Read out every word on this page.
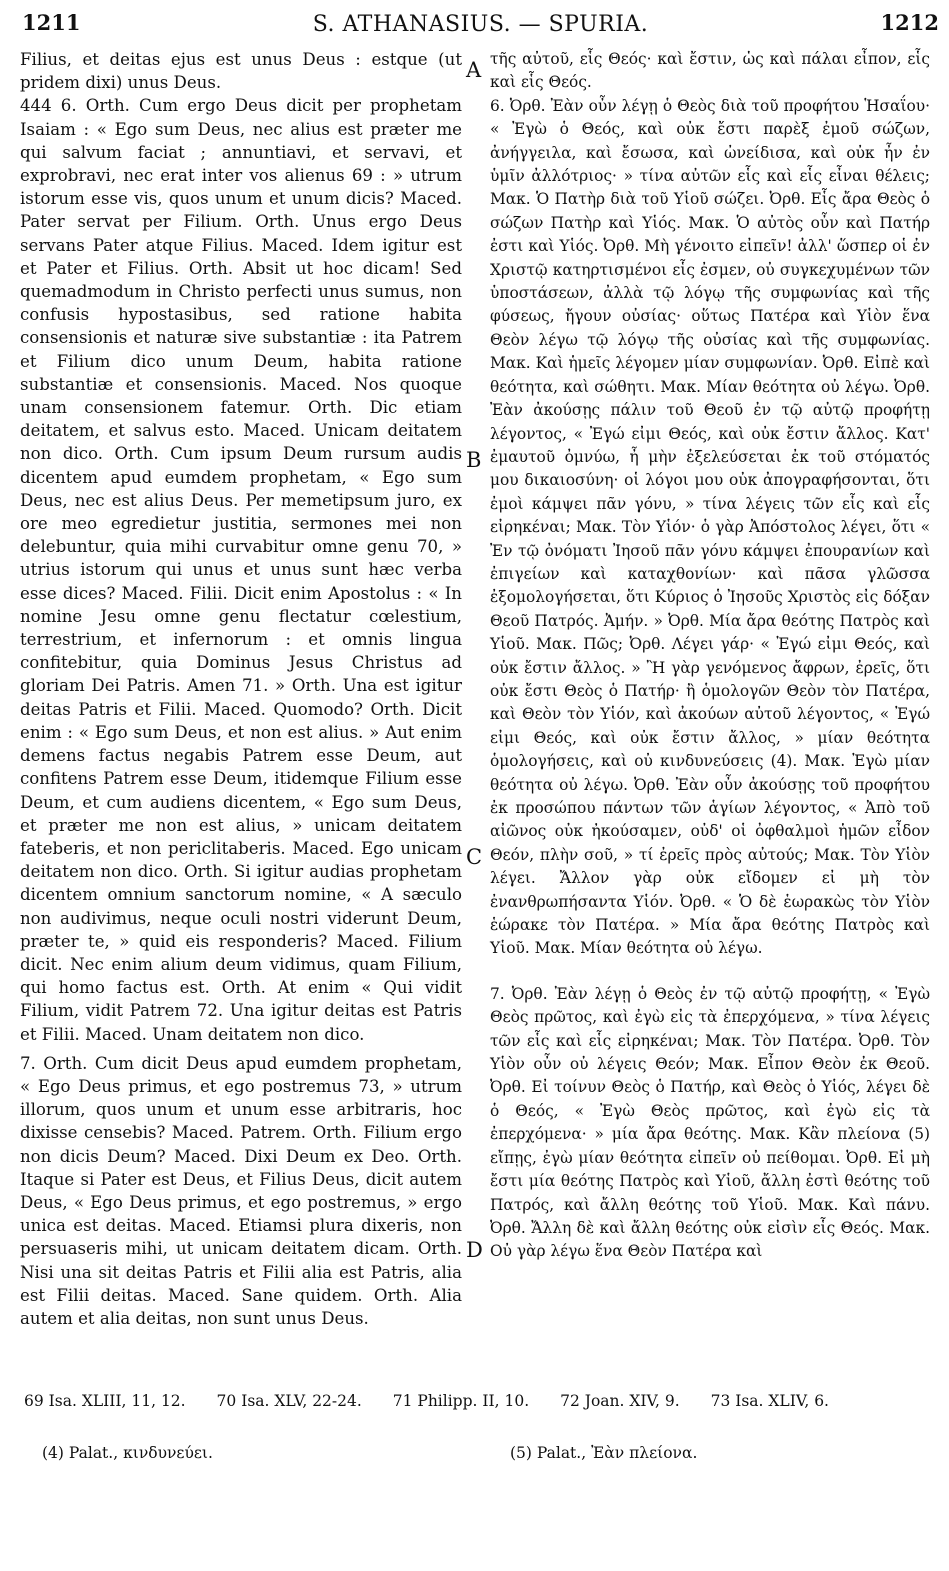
1211	S. ATHANASIUS. — SPURIA.	1212

Filius, et deitas ejus est unus Deus : estque (ut pridem dixi) unus Deus.

444 6. Orth. Cum ergo Deus dicit per prophetam Isaiam : « Ego sum Deus, nec alius est præter me qui salvum faciat ; annuntiavi, et servavi, et exprobravi, nec erat inter vos alienus 69 : » utrum istorum esse vis, quos unum et unum dicis? Maced. Pater servat per Filium. Orth. Unus ergo Deus servans Pater atque Filius. Maced. Idem igitur est et Pater et Filius. Orth. Absit ut hoc dicam! Sed quemadmodum in Christo perfecti unus sumus, non confusis hypostasibus, sed ratione habita consensionis et naturæ sive substantiæ : ita Patrem et Filium dico unum Deum, habita ratione substantiæ et consensionis. Maced. Nos quoque unam consensionem fatemur. Orth. Dic etiam deitatem, et salvus esto. Maced. Unicam deitatem non dico. Orth. Cum ipsum Deum rursum audis dicentem apud eumdem prophetam, « Ego sum Deus, nec est alius Deus. Per memetipsum juro, ex ore meo egredietur justitia, sermones mei non delebuntur, quia mihi curvabitur omne genu 70, » utrius istorum qui unus et unus sunt hæc verba esse dices? Maced. Filii. Dicit enim Apostolus : « In nomine Jesu omne genu flectatur cœlestium, terrestrium, et infernorum : et omnis lingua confitebitur, quia Dominus Jesus Christus ad gloriam Dei Patris. Amen 71. » Orth. Una est igitur deitas Patris et Filii. Maced. Quomodo? Orth. Dicit enim : « Ego sum Deus, et non est alius. » Aut enim demens factus negabis Patrem esse Deum, aut confitens Patrem esse Deum, itidemque Filium esse Deum, et cum audiens dicentem, « Ego sum Deus, et præter me non est alius, » unicam deitatem fateberis, et non periclitaberis. Maced. Ego unicam deitatem non dico. Orth. Si igitur audias prophetam dicentem omnium sanctorum nomine, « A sæculo non audivimus, neque oculi nostri viderunt Deum, præter te, » quid eis responderis? Maced. Filium dicit. Nec enim alium deum vidimus, quam Filium, qui homo factus est. Orth. At enim « Qui vidit Filium, vidit Patrem 72. Una igitur deitas est Patris et Filii. Maced. Unam deitatem non dico.

7. Orth. Cum dicit Deus apud eumdem prophetam, « Ego Deus primus, et ego postremus 73, » utrum illorum, quos unum et unum esse arbitraris, hoc dixisse censebis? Maced. Patrem. Orth. Filium ergo non dicis Deum? Maced. Dixi Deum ex Deo. Orth. Itaque si Pater est Deus, et Filius Deus, dicit autem Deus, « Ego Deus primus, et ego postremus, » ergo unica est deitas. Maced. Etiamsi plura dixeris, non persuaseris mihi, ut unicam deitatem dicam. Orth. Nisi una sit deitas Patris et Filii alia est Patris, alia est Filii deitas. Maced. Sane quidem. Orth. Alia autem et alia deitas, non sunt unus Deus.

A
B
C
D

τῆς αὐτοῦ, εἷς Θεός· καὶ ἔστιν, ὡς καὶ πάλαι εἶπον, εἷς καὶ εἷς Θεός.

6. Ὀρθ. Ἐὰν οὖν λέγῃ ὁ Θεὸς διὰ τοῦ προφήτου Ἡσαΐου· « Ἐγὼ ὁ Θεός, καὶ οὐκ ἔστι παρὲξ ἐμοῦ σώζων, ἀνήγγειλα, καὶ ἔσωσα, καὶ ὠνείδισα, καὶ οὐκ ἦν ἐν ὑμῖν ἀλλότριος· » τίνα αὐτῶν εἷς καὶ εἷς εἶναι θέλεις; Μακ. Ὁ Πατὴρ διὰ τοῦ Υἱοῦ σώζει. Ὀρθ. Εἷς ἄρα Θεὸς ὁ σώζων Πατὴρ καὶ Υἱός. Μακ. Ὁ αὐτὸς οὖν καὶ Πατήρ ἐστι καὶ Υἱός. Ὀρθ. Μὴ γένοιτο εἰπεῖν! ἀλλ' ὥσπερ οἱ ἐν Χριστῷ κατηρτισμένοι εἷς ἐσμεν, οὐ συγκεχυμένων τῶν ὑποστάσεων, ἀλλὰ τῷ λόγῳ τῆς συμφωνίας καὶ τῆς φύσεως, ἤγουν οὐσίας· οὕτως Πατέρα καὶ Υἱὸν ἕνα Θεὸν λέγω τῷ λόγῳ τῆς οὐσίας καὶ τῆς συμφωνίας. Μακ. Καὶ ἡμεῖς λέγομεν μίαν συμφωνίαν. Ὀρθ. Εἰπὲ καὶ θεότητα, καὶ σώθητι. Μακ. Μίαν θεότητα οὐ λέγω. Ὀρθ. Ἐὰν ἀκούσῃς πάλιν τοῦ Θεοῦ ἐν τῷ αὐτῷ προφήτῃ λέγοντος, « Ἐγώ εἰμι Θεός, καὶ οὐκ ἔστιν ἄλλος. Κατ' ἐμαυτοῦ ὀμνύω, ἦ μὴν ἐξελεύσεται ἐκ τοῦ στόματός μου δικαιοσύνη· οἱ λόγοι μου οὐκ ἀπογραφήσονται, ὅτι ἐμοὶ κάμψει πᾶν γόνυ, » τίνα λέγεις τῶν εἷς καὶ εἷς εἰρηκέναι; Μακ. Τὸν Υἱόν· ὁ γὰρ Ἀπόστολος λέγει, ὅτι « Ἐν τῷ ὀνόματι Ἰησοῦ πᾶν γόνυ κάμψει ἐπουρανίων καὶ ἐπιγείων καὶ καταχθονίων· καὶ πᾶσα γλῶσσα ἐξομολογήσεται, ὅτι Κύριος ὁ Ἰησοῦς Χριστὸς εἰς δόξαν Θεοῦ Πατρός. Ἀμήν. » Ὀρθ. Μία ἄρα θεότης Πατρὸς καὶ Υἱοῦ. Μακ. Πῶς; Ὀρθ. Λέγει γάρ· « Ἐγώ εἰμι Θεός, καὶ οὐκ ἔστιν ἄλλος. » Ἢ γὰρ γενόμενος ἄφρων, ἐρεῖς, ὅτι οὐκ ἔστι Θεὸς ὁ Πατήρ· ἢ ὁμολογῶν Θεὸν τὸν Πατέρα, καὶ Θεὸν τὸν Υἱόν, καὶ ἀκούων αὐτοῦ λέγοντος, « Ἐγώ εἰμι Θεός, καὶ οὐκ ἔστιν ἄλλος, » μίαν θεότητα ὁμολογήσεις, καὶ οὐ κινδυνεύσεις (4). Μακ. Ἐγὼ μίαν θεότητα οὐ λέγω. Ὀρθ. Ἐὰν οὖν ἀκούσῃς τοῦ προφήτου ἐκ προσώπου πάντων τῶν ἁγίων λέγοντος, « Ἀπὸ τοῦ αἰῶνος οὐκ ἠκούσαμεν, οὐδ' οἱ ὀφθαλμοὶ ἡμῶν εἶδον Θεόν, πλὴν σοῦ, » τί ἐρεῖς πρὸς αὐτούς; Μακ. Τὸν Υἱὸν λέγει. Ἄλλον γὰρ οὐκ εἴδομεν εἰ μὴ τὸν ἐνανθρωπήσαντα Υἱόν. Ὀρθ. « Ὁ δὲ ἑωρακὼς τὸν Υἱὸν ἑώρακε τὸν Πατέρα. » Μία ἄρα θεότης Πατρὸς καὶ Υἱοῦ. Μακ. Μίαν θεότητα οὐ λέγω.

7. Ὀρθ. Ἐὰν λέγῃ ὁ Θεὸς ἐν τῷ αὐτῷ προφήτῃ, « Ἐγὼ Θεὸς πρῶτος, καὶ ἐγὼ εἰς τὰ ἐπερχόμενα, » τίνα λέγεις τῶν εἷς καὶ εἷς εἰρηκέναι; Μακ. Τὸν Πατέρα. Ὀρθ. Τὸν Υἱὸν οὖν οὐ λέγεις Θεόν; Μακ. Εἶπον Θεὸν ἐκ Θεοῦ. Ὀρθ. Εἰ τοίνυν Θεὸς ὁ Πατήρ, καὶ Θεὸς ὁ Υἱός, λέγει δὲ ὁ Θεός, « Ἐγὼ Θεὸς πρῶτος, καὶ ἐγὼ εἰς τὰ ἐπερχόμενα· » μία ἄρα θεότης. Μακ. Κἂν πλείονα (5) εἴπῃς, ἐγὼ μίαν θεότητα εἰπεῖν οὐ πείθομαι. Ὀρθ. Εἰ μὴ ἔστι μία θεότης Πατρὸς καὶ Υἱοῦ, ἄλλη ἐστὶ θεότης τοῦ Πατρός, καὶ ἄλλη θεότης τοῦ Υἱοῦ. Μακ. Καὶ πάνυ. Ὀρθ. Ἄλλη δὲ καὶ ἄλλη θεότης οὐκ εἰσὶν εἷς Θεός. Μακ. Οὐ γὰρ λέγω ἕνα Θεὸν Πατέρα καὶ

69 Isa. XLIII, 11, 12. 70 Isa. XLV, 22-24. 71 Philipp. II, 10. 72 Joan. XIV, 9. 73 Isa. XLIV, 6.
(4) Palat., κινδυνεύει.	(5) Palat., Ἐὰν πλείονα.
